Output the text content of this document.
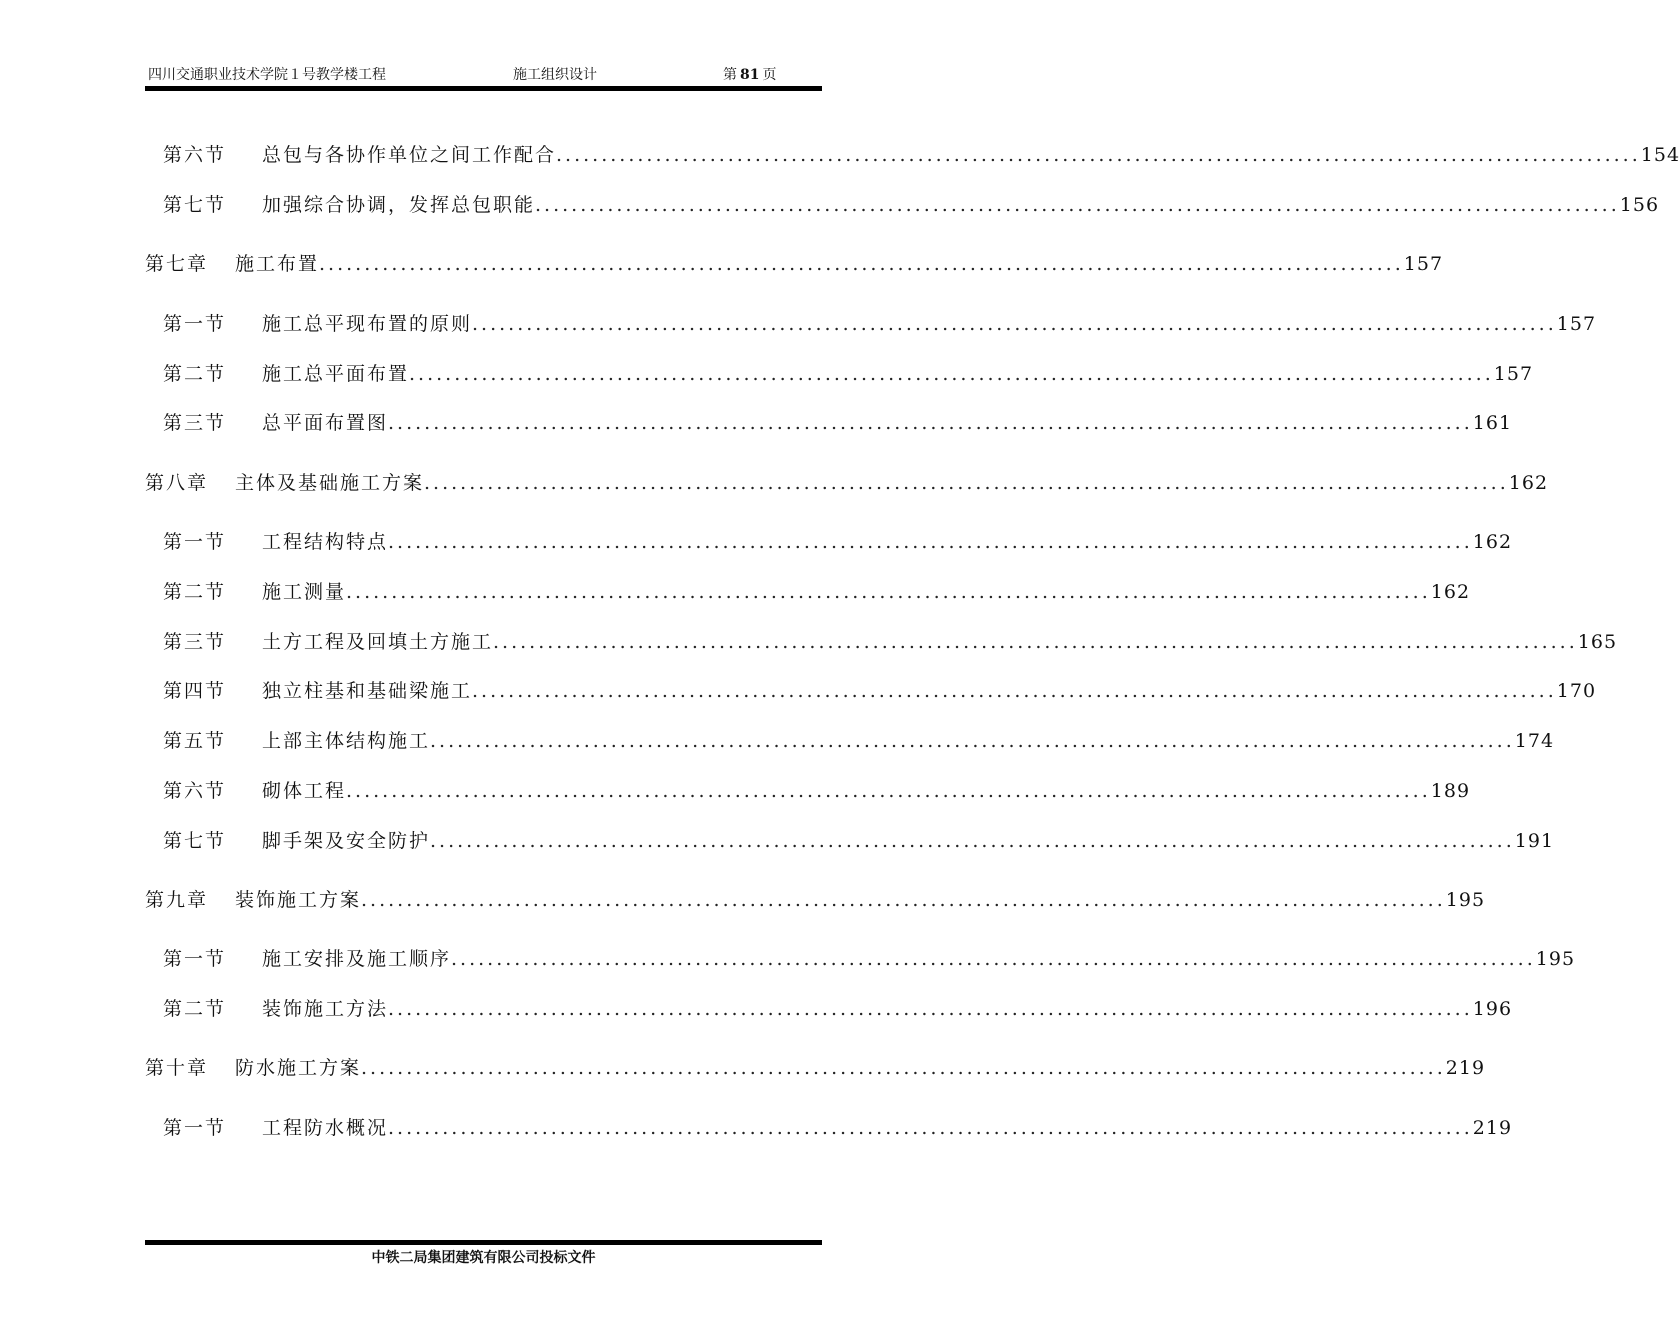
四川交通职业技术学院１号教学楼工程	施工组织设计	第 81 页
第六节	总包与各协作单位之间工作配合 ........................................................................................................................ 154
第七节	加强综合协调，发挥总包职能 ........................................................................................................................ 156
第七章	施工布置 ........................................................................................................................ 157
第一节	施工总平现布置的原则 ........................................................................................................................ 157
第二节	施工总平面布置 ........................................................................................................................ 157
第三节	总平面布置图 ........................................................................................................................ 161
第八章	主体及基础施工方案 ........................................................................................................................ 162
第一节	工程结构特点 ........................................................................................................................ 162
第二节	施工测量 ........................................................................................................................ 162
第三节	土方工程及回填土方施工 ........................................................................................................................ 165
第四节	独立柱基和基础梁施工 ........................................................................................................................ 170
第五节	上部主体结构施工 ........................................................................................................................ 174
第六节	砌体工程 ........................................................................................................................ 189
第七节	脚手架及安全防护 ........................................................................................................................ 191
第九章	装饰施工方案 ........................................................................................................................ 195
第一节	施工安排及施工顺序 ........................................................................................................................ 195
第二节	装饰施工方法 ........................................................................................................................ 196
第十章	防水施工方案 ........................................................................................................................ 219
第一节	工程防水概况 ........................................................................................................................ 219
中铁二局集团建筑有限公司投标文件
